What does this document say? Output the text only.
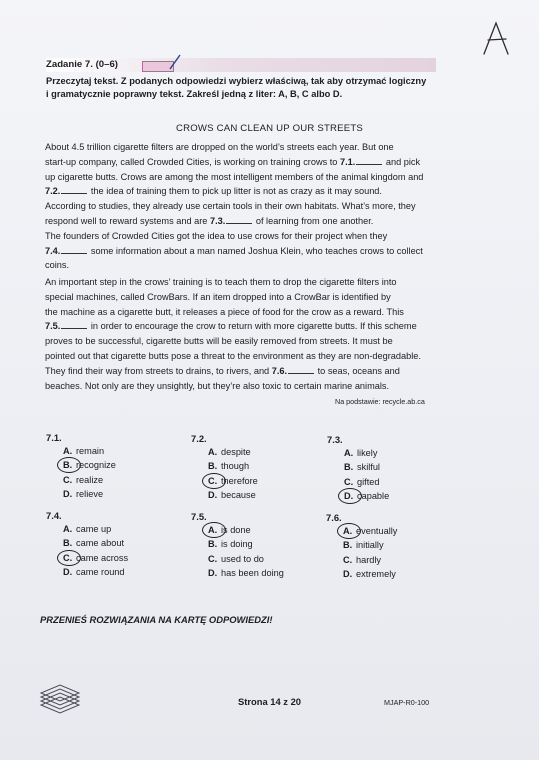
Zadanie 7. (0–6)
Przeczytaj tekst. Z podanych odpowiedzi wybierz właściwą, tak aby otrzymać logiczny
i gramatycznie poprawny tekst. Zakreśl jedną z liter: A, B, C albo D.
CROWS CAN CLEAN UP OUR STREETS
About 4.5 trillion cigarette filters are dropped on the world’s streets each year. But one
start-up company, called Crowded Cities, is working on training crows to 7.1.	and pick
up cigarette butts. Crows are among the most intelligent members of the animal kingdom and
7.2.	the idea of training them to pick up litter is not as crazy as it may sound.
According to studies, they already use certain tools in their own habitats. What’s more, they
respond well to reward systems and are 7.3.	of learning from one another.
The founders of Crowded Cities got the idea to use crows for their project when they
7.4.	some information about a man named Joshua Klein, who teaches crows to collect
coins.
An important step in the crows’ training is to teach them to drop the cigarette filters into
special machines, called CrowBars. If an item dropped into a CrowBar is identified by
the machine as a cigarette butt, it releases a piece of food for the crow as a reward. This
7.5.	in order to encourage the crow to return with more cigarette butts. If this scheme
proves to be successful, cigarette butts will be easily removed from streets. It must be
pointed out that cigarette butts pose a threat to the environment as they are non-degradable.
They find their way from streets to drains, to rivers, and 7.6.	to seas, oceans and
beaches. Not only are they unsightly, but they’re also toxic to certain marine animals.
Na podstawie: recycle.ab.ca
7.1.
A. remain
B. recognize
C. realize
D. relieve
7.2.
A. despite
B. though
C. therefore
D. because
7.3.
A. likely
B. skilful
C. gifted
D. capable
7.4.
A. came up
B. came about
C. came across
D. came round
7.5.
A. is done
B. is doing
C. used to do
D. has been doing
7.6.
A. eventually
B. initially
C. hardly
D. extremely
PRZENIEŚ ROZWIĄZANIA NA KARTĘ ODPOWIEDZI!
Strona 14 z 20	MJAP-R0-100
